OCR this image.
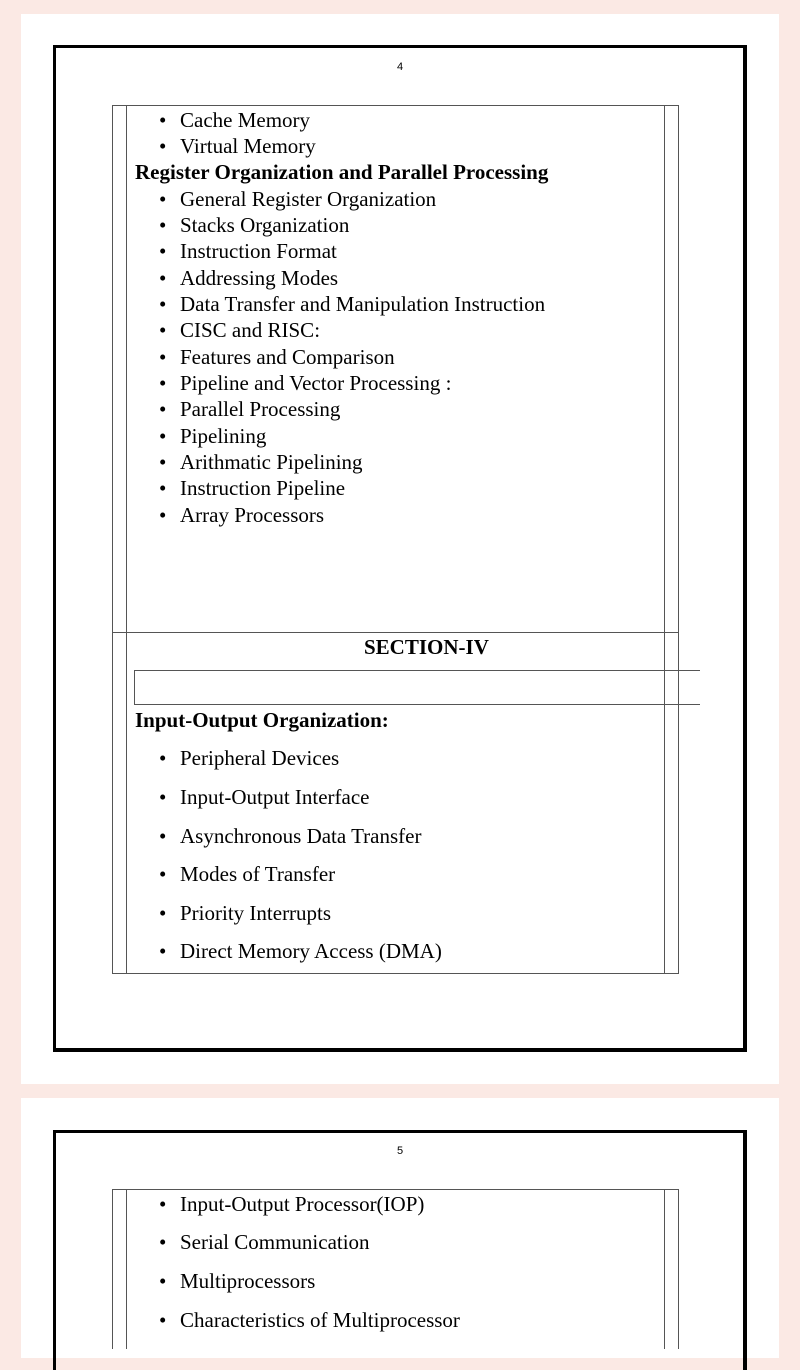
4
• Cache Memory
• Virtual Memory
Register Organization and Parallel Processing
• General Register Organization
• Stacks Organization
• Instruction Format
• Addressing Modes
• Data Transfer and Manipulation Instruction
• CISC and RISC:
• Features and Comparison
• Pipeline and Vector Processing :
• Parallel Processing
• Pipelining
• Arithmatic Pipelining
• Instruction Pipeline
• Array Processors
SECTION-IV
Input-Output Organization:
• Peripheral Devices
• Input-Output Interface
• Asynchronous Data Transfer
• Modes of Transfer
• Priority Interrupts
• Direct Memory Access (DMA)
5
• Input-Output Processor(IOP)
• Serial Communication
• Multiprocessors
• Characteristics of Multiprocessor
